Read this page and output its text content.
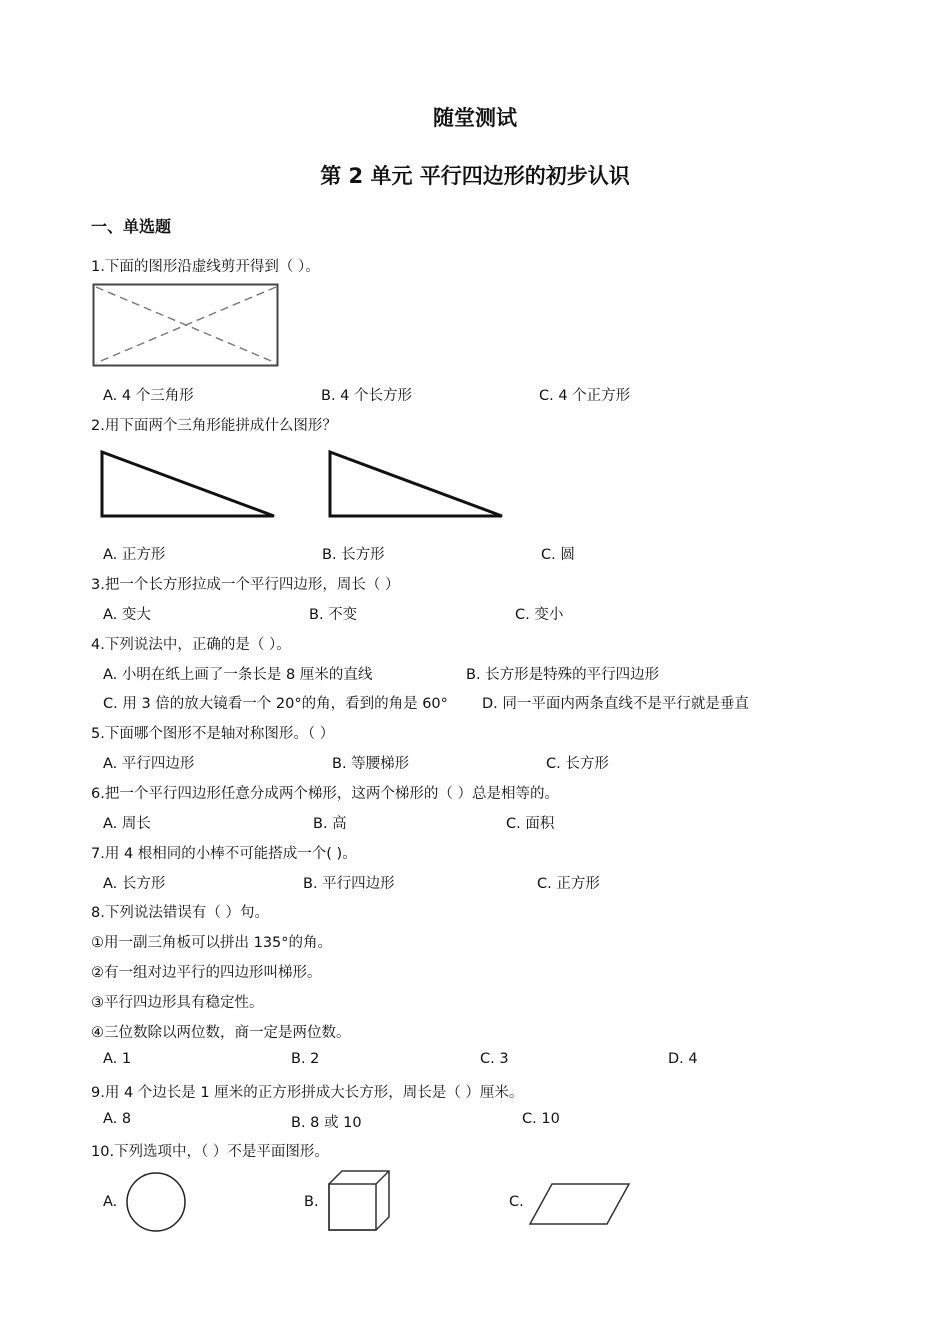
随堂测试
第 2 单元 平行四边形的初步认识
一、单选题
1.下面的图形沿虚线剪开得到（ ）。
A. 4 个三角形	B. 4 个长方形	C. 4 个正方形
2.用下面两个三角形能拼成什么图形？
A. 正方形	B. 长方形	C. 圆
3.把一个长方形拉成一个平行四边形，周长（ ）
A. 变大	B. 不变	C. 变小
4.下列说法中，正确的是（ ）。
A. 小明在纸上画了一条长是 8 厘米的直线	B. 长方形是特殊的平行四边形
C. 用 3 倍的放大镜看一个 20°的角，看到的角是 60° D. 同一平面内两条直线不是平行就是垂直
5.下面哪个图形不是轴对称图形。（ ）
A. 平行四边形	B. 等腰梯形	C. 长方形
6.把一个平行四边形任意分成两个梯形，这两个梯形的（ ）总是相等的。
A. 周长	B. 高	C. 面积
7.用 4 根相同的小棒不可能搭成一个( )。
A. 长方形	B. 平行四边形	C. 正方形
8.下列说法错误有（ ）句。
①用一副三角板可以拼出 135°的角。
②有一组对边平行的四边形叫梯形。
③平行四边形具有稳定性。
④三位数除以两位数，商一定是两位数。
A. 1	B. 2	C. 3	D. 4
9.用 4 个边长是 1 厘米的正方形拼成大长方形，周长是（ ）厘米。
A. 8	B. 8 或 10	C. 10
10.下列选项中，（ ）不是平面图形。
A.	B.	C.
